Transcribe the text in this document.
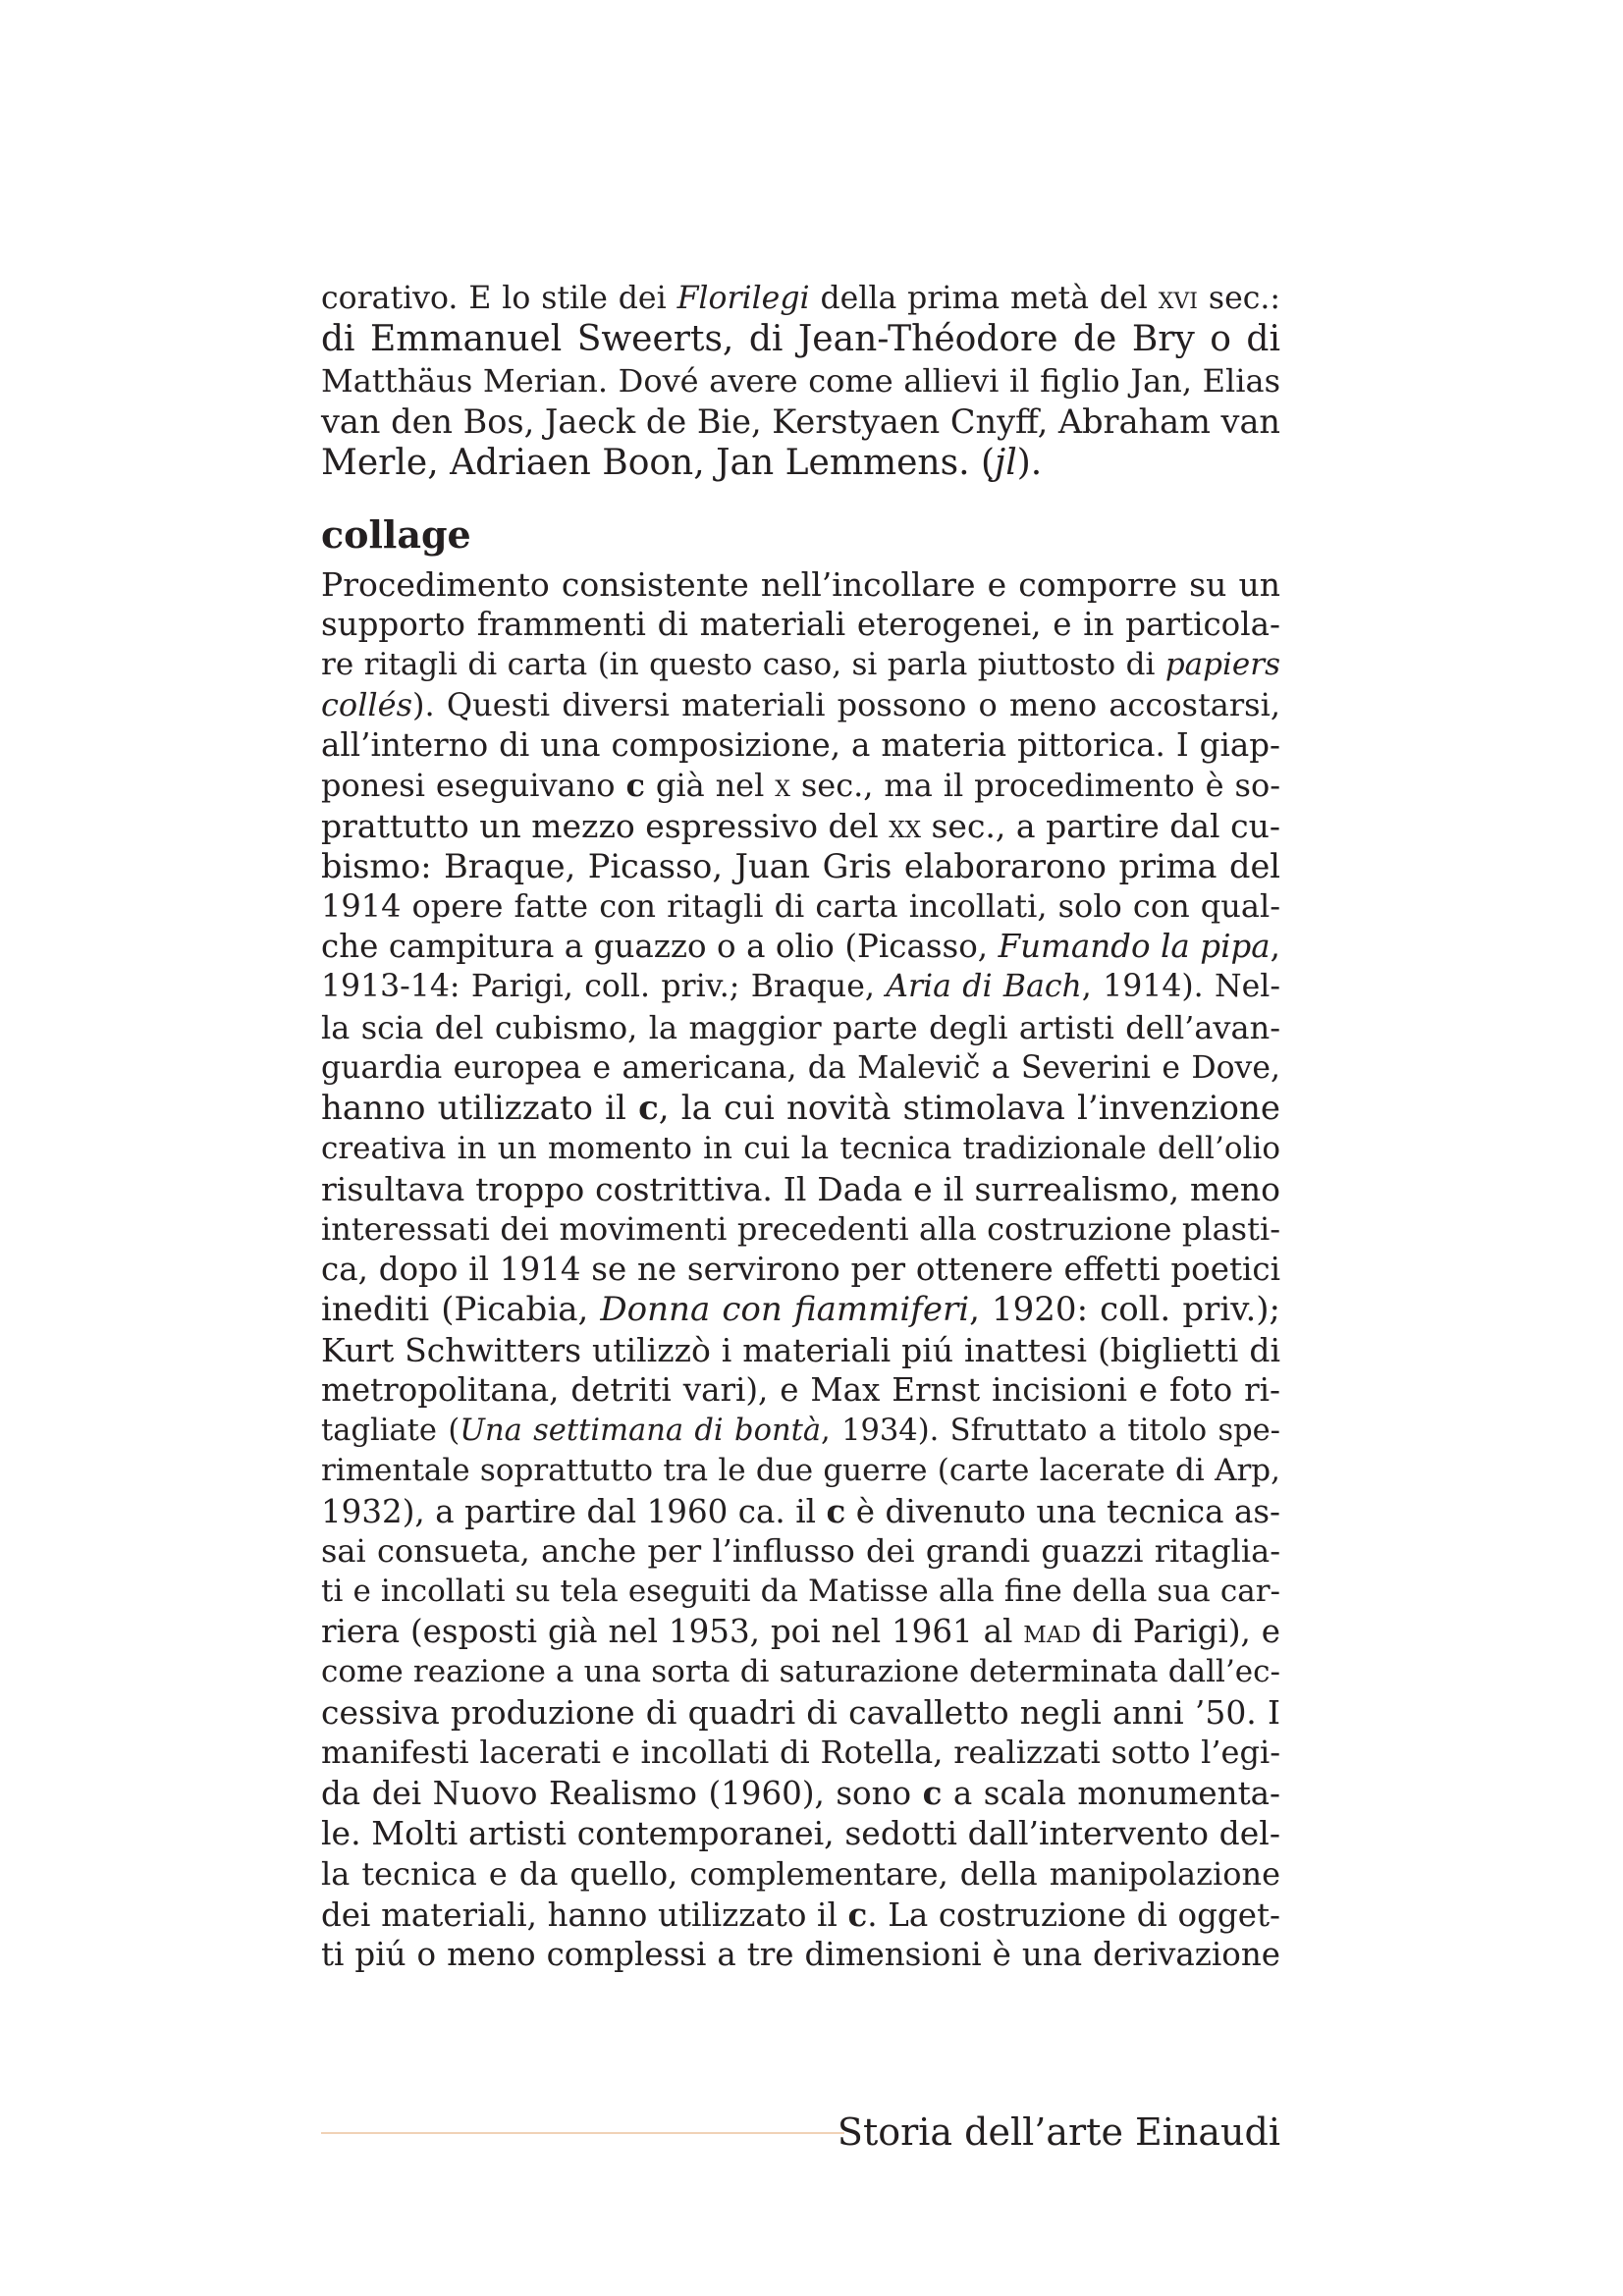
corativo. E lo stile dei Florilegi della prima metà del xvi sec.:
di Emmanuel Sweerts, di Jean-Théodore de Bry o di
Matthäus Merian. Dové avere come allievi il figlio Jan, Elias
van den Bos, Jaeck de Bie, Kerstyaen Cnyff, Abraham van
Merle, Adriaen Boon, Jan Lemmens. (jl).
collage
Procedimento consistente nell’incollare e comporre su un
supporto frammenti di materiali eterogenei, e in particola-
re ritagli di carta (in questo caso, si parla piuttosto di papiers
collés). Questi diversi materiali possono o meno accostarsi,
all’interno di una composizione, a materia pittorica. I giap-
ponesi eseguivano c già nel x sec., ma il procedimento è so-
prattutto un mezzo espressivo del xx sec., a partire dal cu-
bismo: Braque, Picasso, Juan Gris elaborarono prima del
1914 opere fatte con ritagli di carta incollati, solo con qual-
che campitura a guazzo o a olio (Picasso, Fumando la pipa,
1913-14: Parigi, coll. priv.; Braque, Aria di Bach, 1914). Nel-
la scia del cubismo, la maggior parte degli artisti dell’avan-
guardia europea e americana, da Malevič a Severini e Dove,
hanno utilizzato il c, la cui novità stimolava l’invenzione
creativa in un momento in cui la tecnica tradizionale dell’olio
risultava troppo costrittiva. Il Dada e il surrealismo, meno
interessati dei movimenti precedenti alla costruzione plasti-
ca, dopo il 1914 se ne servirono per ottenere effetti poetici
inediti (Picabia, Donna con fiammiferi, 1920: coll. priv.);
Kurt Schwitters utilizzò i materiali piú inattesi (biglietti di
metropolitana, detriti vari), e Max Ernst incisioni e foto ri-
tagliate (Una settimana di bontà, 1934). Sfruttato a titolo spe-
rimentale soprattutto tra le due guerre (carte lacerate di Arp,
1932), a partire dal 1960 ca. il c è divenuto una tecnica as-
sai consueta, anche per l’influsso dei grandi guazzi ritaglia-
ti e incollati su tela eseguiti da Matisse alla fine della sua car-
riera (esposti già nel 1953, poi nel 1961 al mad di Parigi), e
come reazione a una sorta di saturazione determinata dall’ec-
cessiva produzione di quadri di cavalletto negli anni ’50. I
manifesti lacerati e incollati di Rotella, realizzati sotto l’egi-
da dei Nuovo Realismo (1960), sono c a scala monumenta-
le. Molti artisti contemporanei, sedotti dall’intervento del-
la tecnica e da quello, complementare, della manipolazione
dei materiali, hanno utilizzato il c. La costruzione di ogget-
ti piú o meno complessi a tre dimensioni è una derivazione
Storia dell’arte Einaudi
